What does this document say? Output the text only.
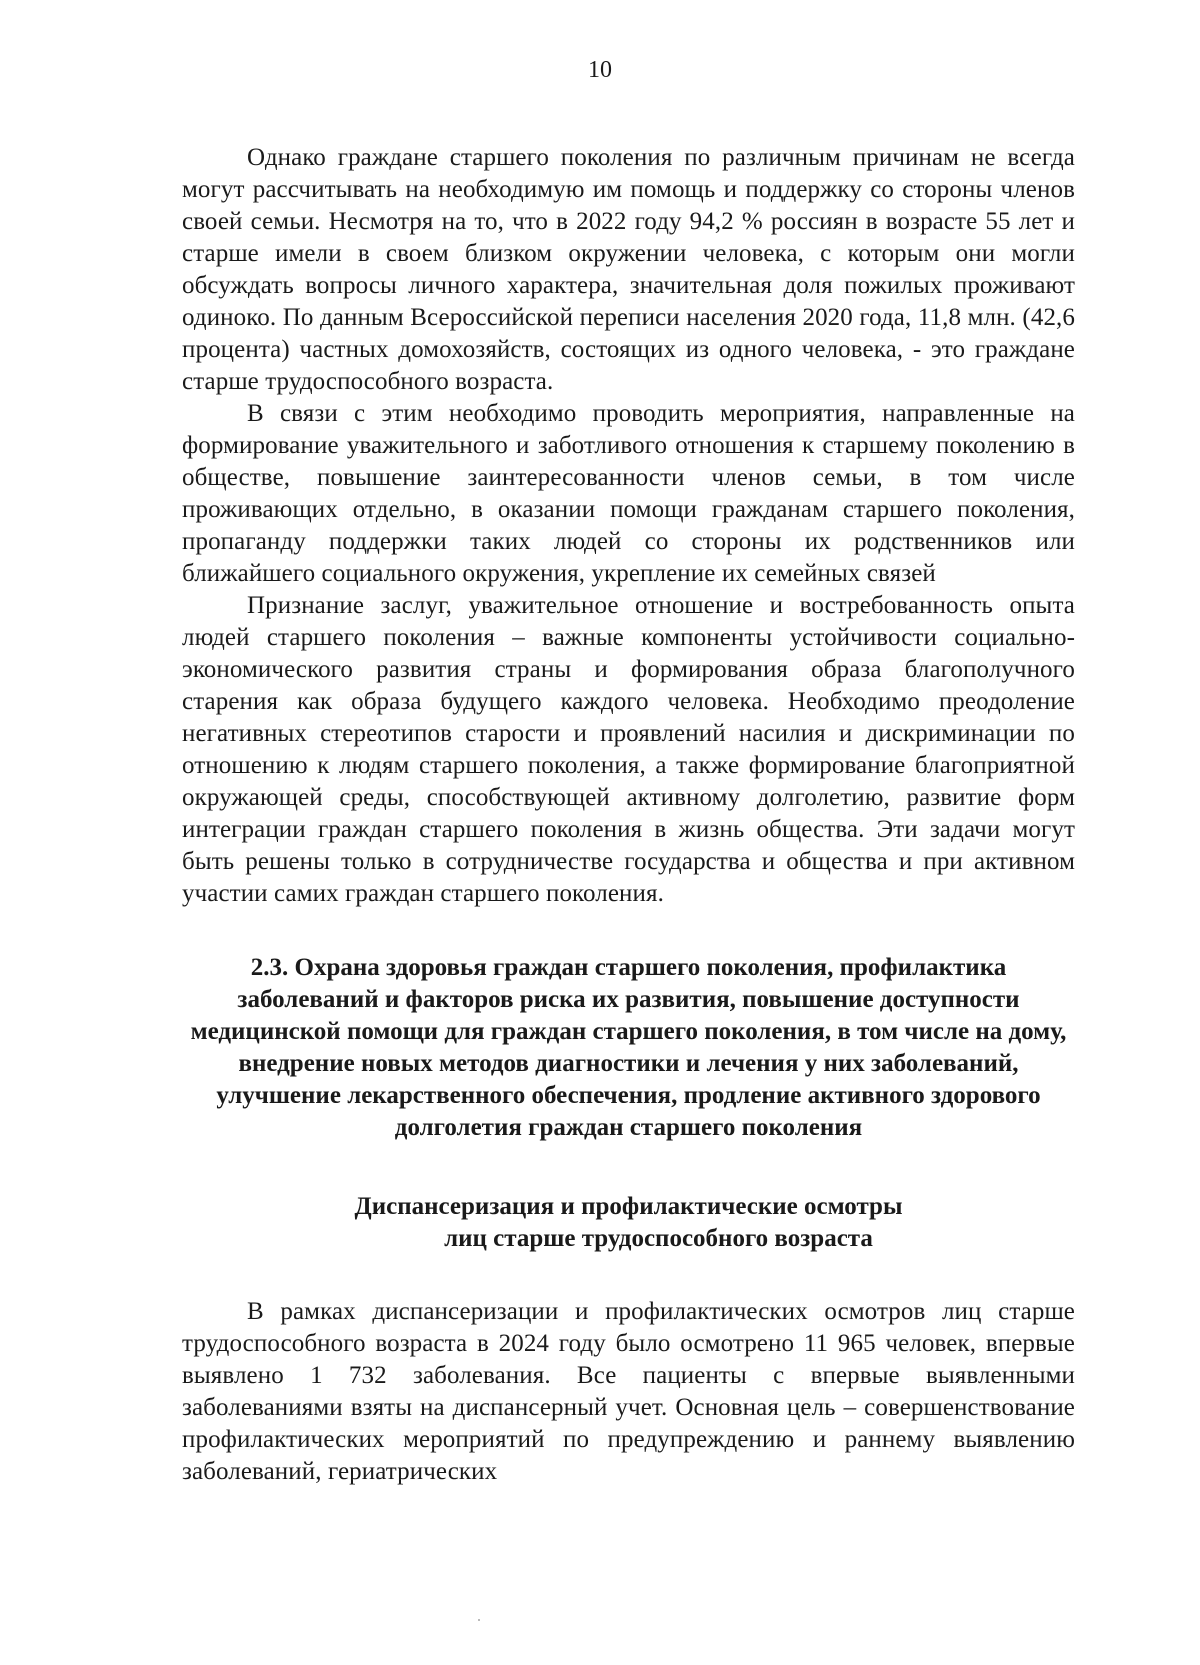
10

Однако граждане старшего поколения по различным причинам не всегда могут рассчитывать на необходимую им помощь и поддержку со стороны членов своей семьи. Несмотря на то, что в 2022 году 94,2 % россиян в возрасте 55 лет и старше имели в своем близком окружении человека, с которым они могли обсуждать вопросы личного характера, значительная доля пожилых проживают одиноко. По данным Всероссийской переписи населения 2020 года, 11,8 млн. (42,6 процента) частных домохозяйств, состоящих из одного человека, - это граждане старше трудоспособного возраста.

В связи с этим необходимо проводить мероприятия, направленные на формирование уважительного и заботливого отношения к старшему поколению в обществе, повышение заинтересованности членов семьи, в том числе проживающих отдельно, в оказании помощи гражданам старшего поколения, пропаганду поддержки таких людей со стороны их родственников или ближайшего социального окружения, укрепление их семейных связей

Признание заслуг, уважительное отношение и востребованность опыта людей старшего поколения – важные компоненты устойчивости социально-экономического развития страны и формирования образа благополучного старения как образа будущего каждого человека. Необходимо преодоление негативных стереотипов старости и проявлений насилия и дискриминации по отношению к людям старшего поколения, а также формирование благоприятной окружающей среды, способствующей активному долголетию, развитие форм интеграции граждан старшего поколения в жизнь общества. Эти задачи могут быть решены только в сотрудничестве государства и общества и при активном участии самих граждан старшего поколения.

2.3. Охрана здоровья граждан старшего поколения, профилактика заболеваний и факторов риска их развития, повышение доступности медицинской помощи для граждан старшего поколения, в том числе на дому, внедрение новых методов диагностики и лечения у них заболеваний, улучшение лекарственного обеспечения, продление активного здорового долголетия граждан старшего поколения
Диспансеризация и профилактические осмотры
лиц старше трудоспособного возраста

В рамках диспансеризации и профилактических осмотров лиц старше трудоспособного возраста в 2024 году было осмотрено 11 965 человек, впервые выявлено 1 732 заболевания. Все пациенты с впервые выявленными заболеваниями взяты на диспансерный учет. Основная цель – совершенствование профилактических мероприятий по предупреждению и раннему выявлению заболеваний, гериатрических
